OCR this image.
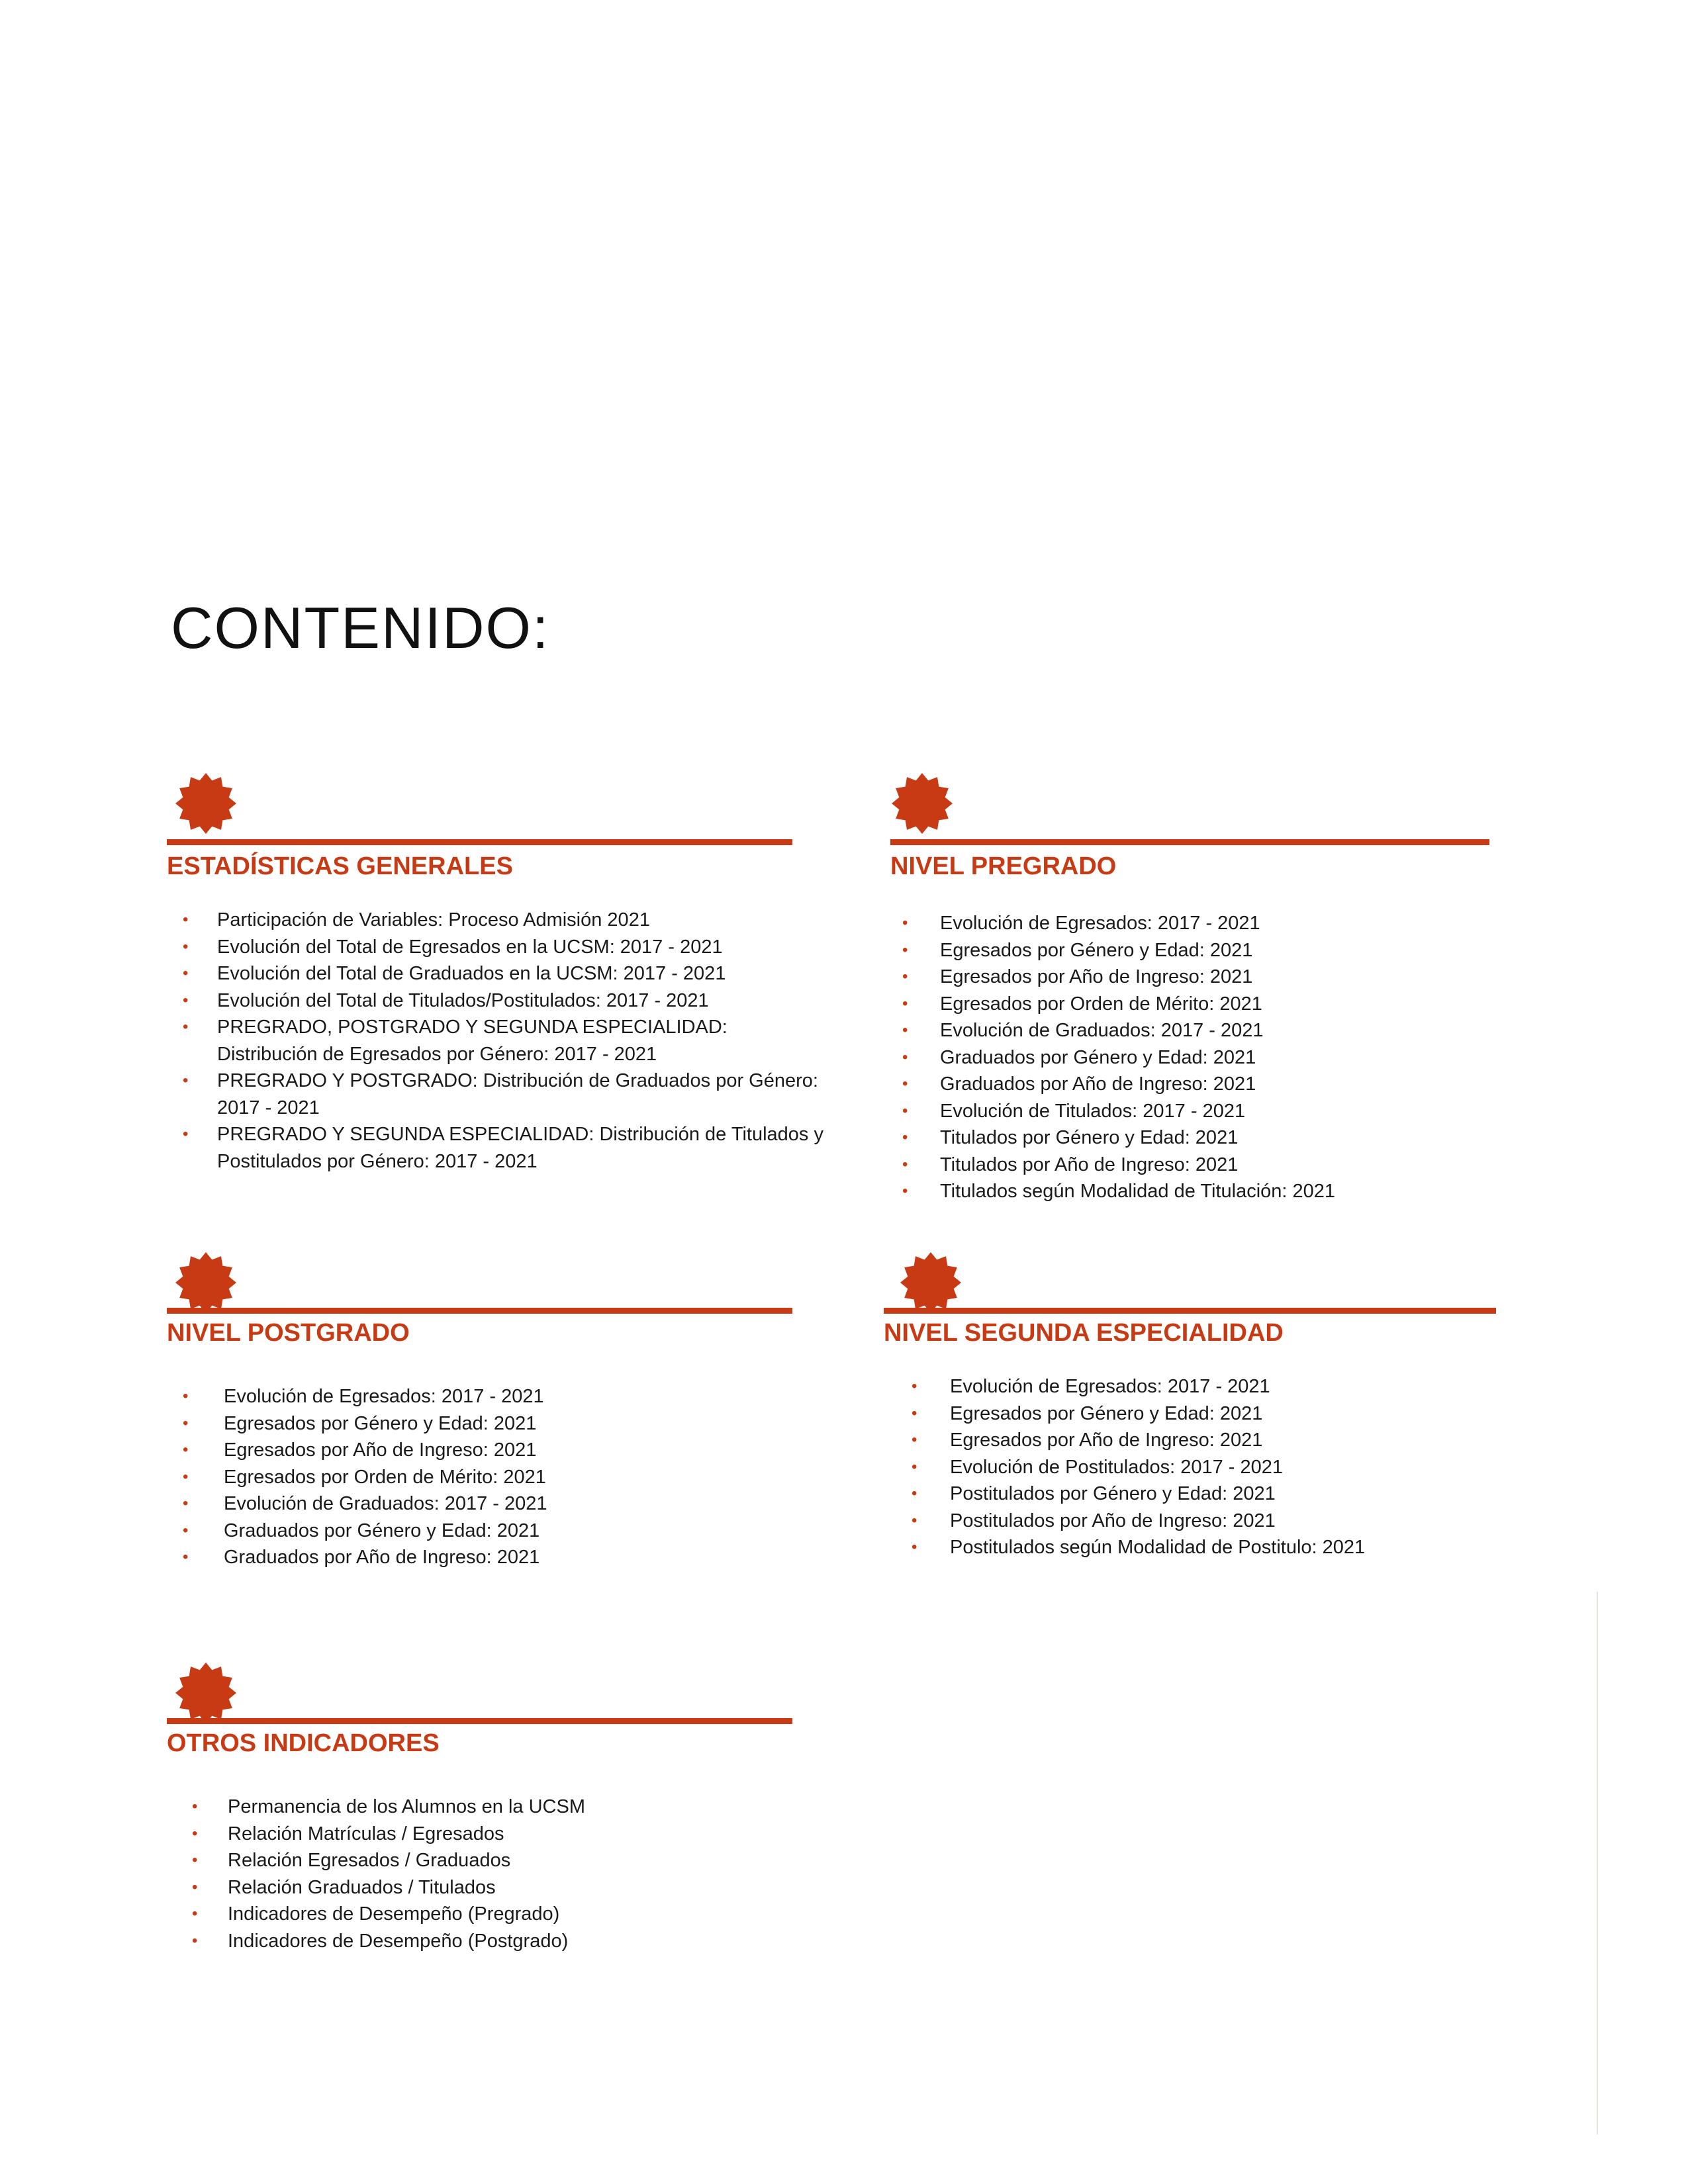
CONTENIDO:
ESTADÍSTICAS GENERALES
• Participación de Variables: Proceso Admisión 2021
• Evolución del Total de Egresados en la UCSM: 2017 - 2021
• Evolución del Total de Graduados en la UCSM: 2017 - 2021
• Evolución del Total de Titulados/Postitulados: 2017 - 2021
• PREGRADO, POSTGRADO Y SEGUNDA ESPECIALIDAD: Distribución de Egresados por Género: 2017 - 2021
• PREGRADO Y POSTGRADO: Distribución de Graduados por Género: 2017 - 2021
• PREGRADO Y SEGUNDA ESPECIALIDAD: Distribución de Titulados y Postitulados por Género: 2017 - 2021
NIVEL PREGRADO
• Evolución de Egresados: 2017 - 2021
• Egresados por Género y Edad: 2021
• Egresados por Año de Ingreso: 2021
• Egresados por Orden de Mérito: 2021
• Evolución de Graduados: 2017 - 2021
• Graduados por Género y Edad: 2021
• Graduados por Año de Ingreso: 2021
• Evolución de Titulados: 2017 - 2021
• Titulados por Género y Edad: 2021
• Titulados por Año de Ingreso: 2021
• Titulados según Modalidad de Titulación: 2021
NIVEL POSTGRADO
• Evolución de Egresados: 2017 - 2021
• Egresados por Género y Edad: 2021
• Egresados por Año de Ingreso: 2021
• Egresados por Orden de Mérito: 2021
• Evolución de Graduados: 2017 - 2021
• Graduados por Género y Edad: 2021
• Graduados por Año de Ingreso: 2021
NIVEL SEGUNDA ESPECIALIDAD
• Evolución de Egresados: 2017 - 2021
• Egresados por Género y Edad: 2021
• Egresados por Año de Ingreso: 2021
• Evolución de Postitulados: 2017 - 2021
• Postitulados por Género y Edad: 2021
• Postitulados por Año de Ingreso: 2021
• Postitulados según Modalidad de Postitulo: 2021
OTROS INDICADORES
• Permanencia de los Alumnos en la UCSM
• Relación Matrículas / Egresados
• Relación Egresados / Graduados
• Relación Graduados / Titulados
• Indicadores de Desempeño (Pregrado)
• Indicadores de Desempeño (Postgrado)
